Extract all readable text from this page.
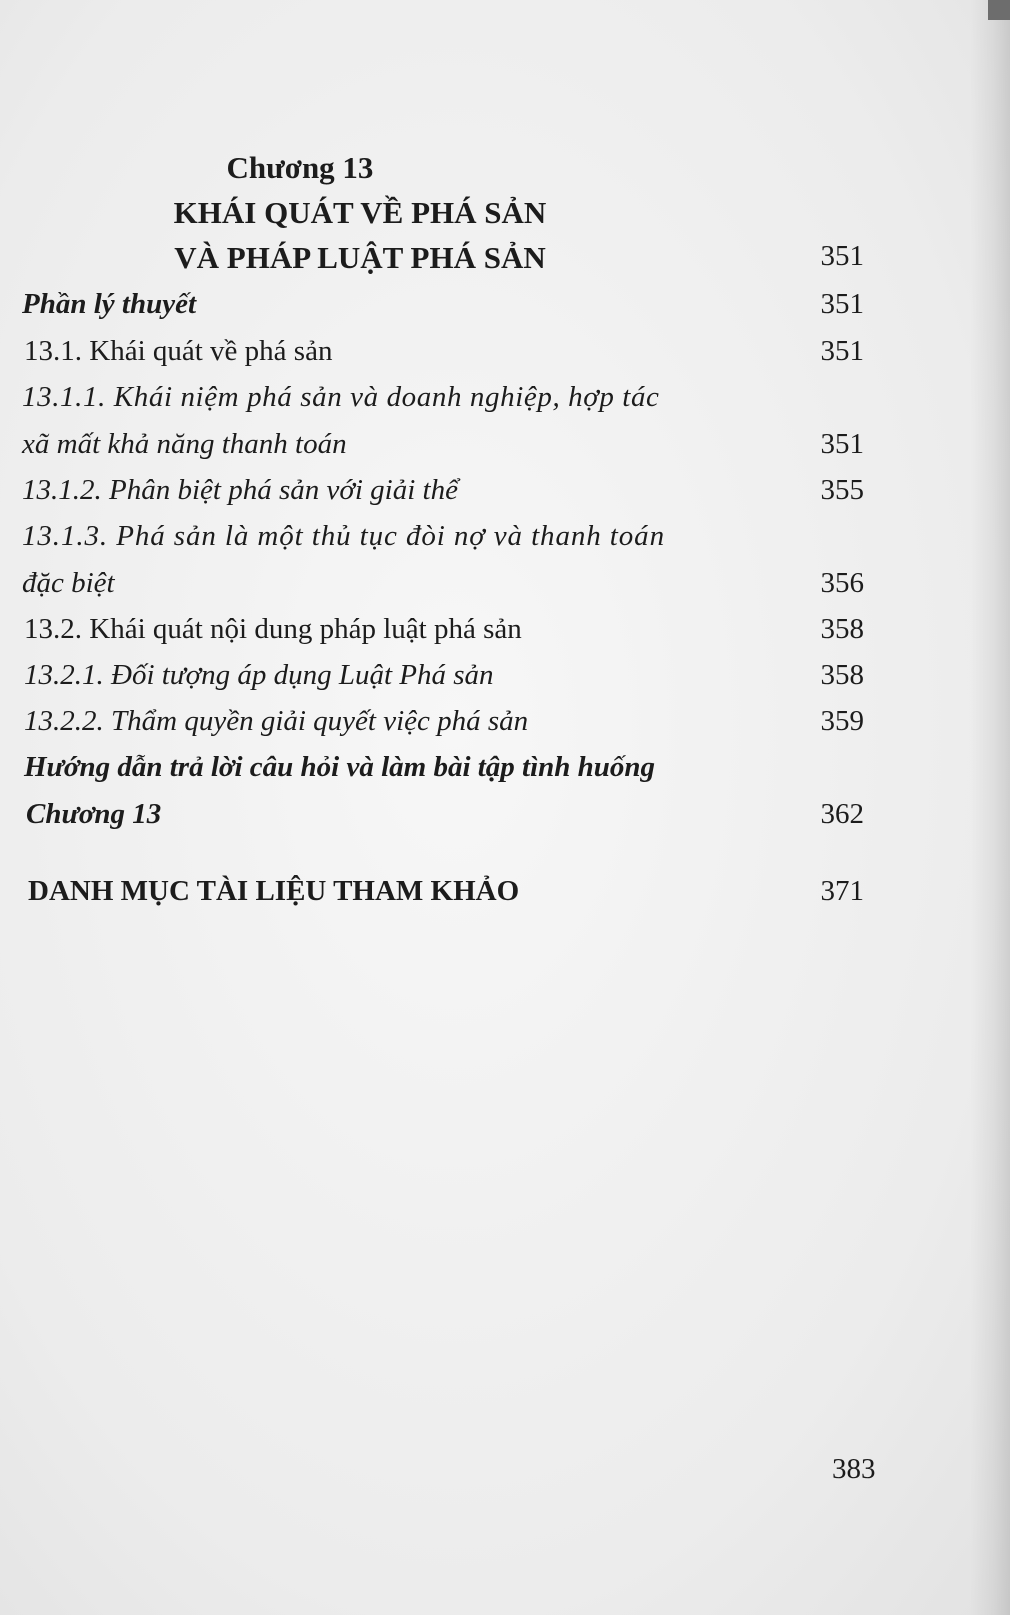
Chương 13
KHÁI QUÁT VỀ PHÁ SẢN
VÀ PHÁP LUẬT PHÁ SẢN	351
Phần lý thuyết	351
13.1. Khái quát về phá sản	351
13.1.1. Khái niệm phá sản và doanh nghiệp, hợp tác
xã mất khả năng thanh toán	351
13.1.2. Phân biệt phá sản với giải thể	355
13.1.3. Phá sản là một thủ tục đòi nợ và thanh toán
đặc biệt	356
13.2. Khái quát nội dung pháp luật phá sản	358
13.2.1. Đối tượng áp dụng Luật Phá sản	358
13.2.2. Thẩm quyền giải quyết việc phá sản	359
Hướng dẫn trả lời câu hỏi và làm bài tập tình huống
Chương 13	362
DANH MỤC TÀI LIỆU THAM KHẢO	371
383
